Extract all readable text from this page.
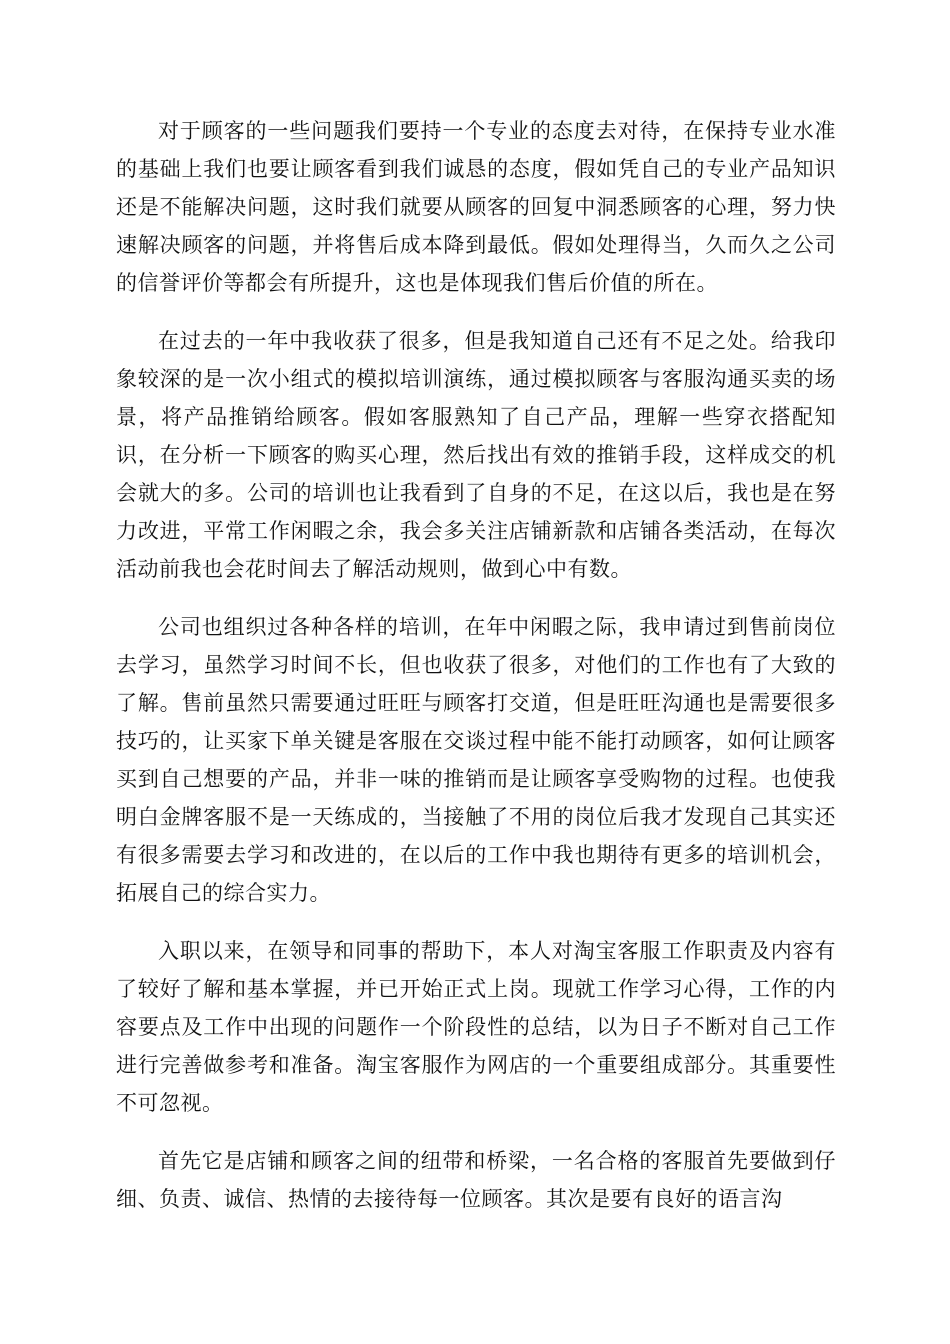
对于顾客的一些问题我们要持一个专业的态度去对待，在保持专业水准的基础上我们也要让顾客看到我们诚恳的态度，假如凭自己的专业产品知识还是不能解决问题，这时我们就要从顾客的回复中洞悉顾客的心理，努力快速解决顾客的问题，并将售后成本降到最低。假如处理得当，久而久之公司的信誉评价等都会有所提升，这也是体现我们售后价值的所在。

在过去的一年中我收获了很多，但是我知道自己还有不足之处。给我印象较深的是一次小组式的模拟培训演练，通过模拟顾客与客服沟通买卖的场景，将产品推销给顾客。假如客服熟知了自己产品，理解一些穿衣搭配知识，在分析一下顾客的购买心理，然后找出有效的推销手段，这样成交的机会就大的多。公司的培训也让我看到了自身的不足，在这以后，我也是在努力改进，平常工作闲暇之余，我会多关注店铺新款和店铺各类活动，在每次活动前我也会花时间去了解活动规则，做到心中有数。

公司也组织过各种各样的培训，在年中闲暇之际，我申请过到售前岗位去学习，虽然学习时间不长，但也收获了很多，对他们的工作也有了大致的了解。售前虽然只需要通过旺旺与顾客打交道，但是旺旺沟通也是需要很多技巧的，让买家下单关键是客服在交谈过程中能不能打动顾客，如何让顾客买到自己想要的产品，并非一味的推销而是让顾客享受购物的过程。也使我明白金牌客服不是一天练成的，当接触了不用的岗位后我才发现自己其实还有很多需要去学习和改进的，在以后的工作中我也期待有更多的培训机会，拓展自己的综合实力。

入职以来，在领导和同事的帮助下，本人对淘宝客服工作职责及内容有了较好了解和基本掌握，并已开始正式上岗。现就工作学习心得，工作的内容要点及工作中出现的问题作一个阶段性的总结，以为日子不断对自己工作进行完善做参考和准备。淘宝客服作为网店的一个重要组成部分。其重要性不可忽视。

首先它是店铺和顾客之间的纽带和桥梁，一名合格的客服首先要做到仔细、负责、诚信、热情的去接待每一位顾客。其次是要有良好的语言沟
